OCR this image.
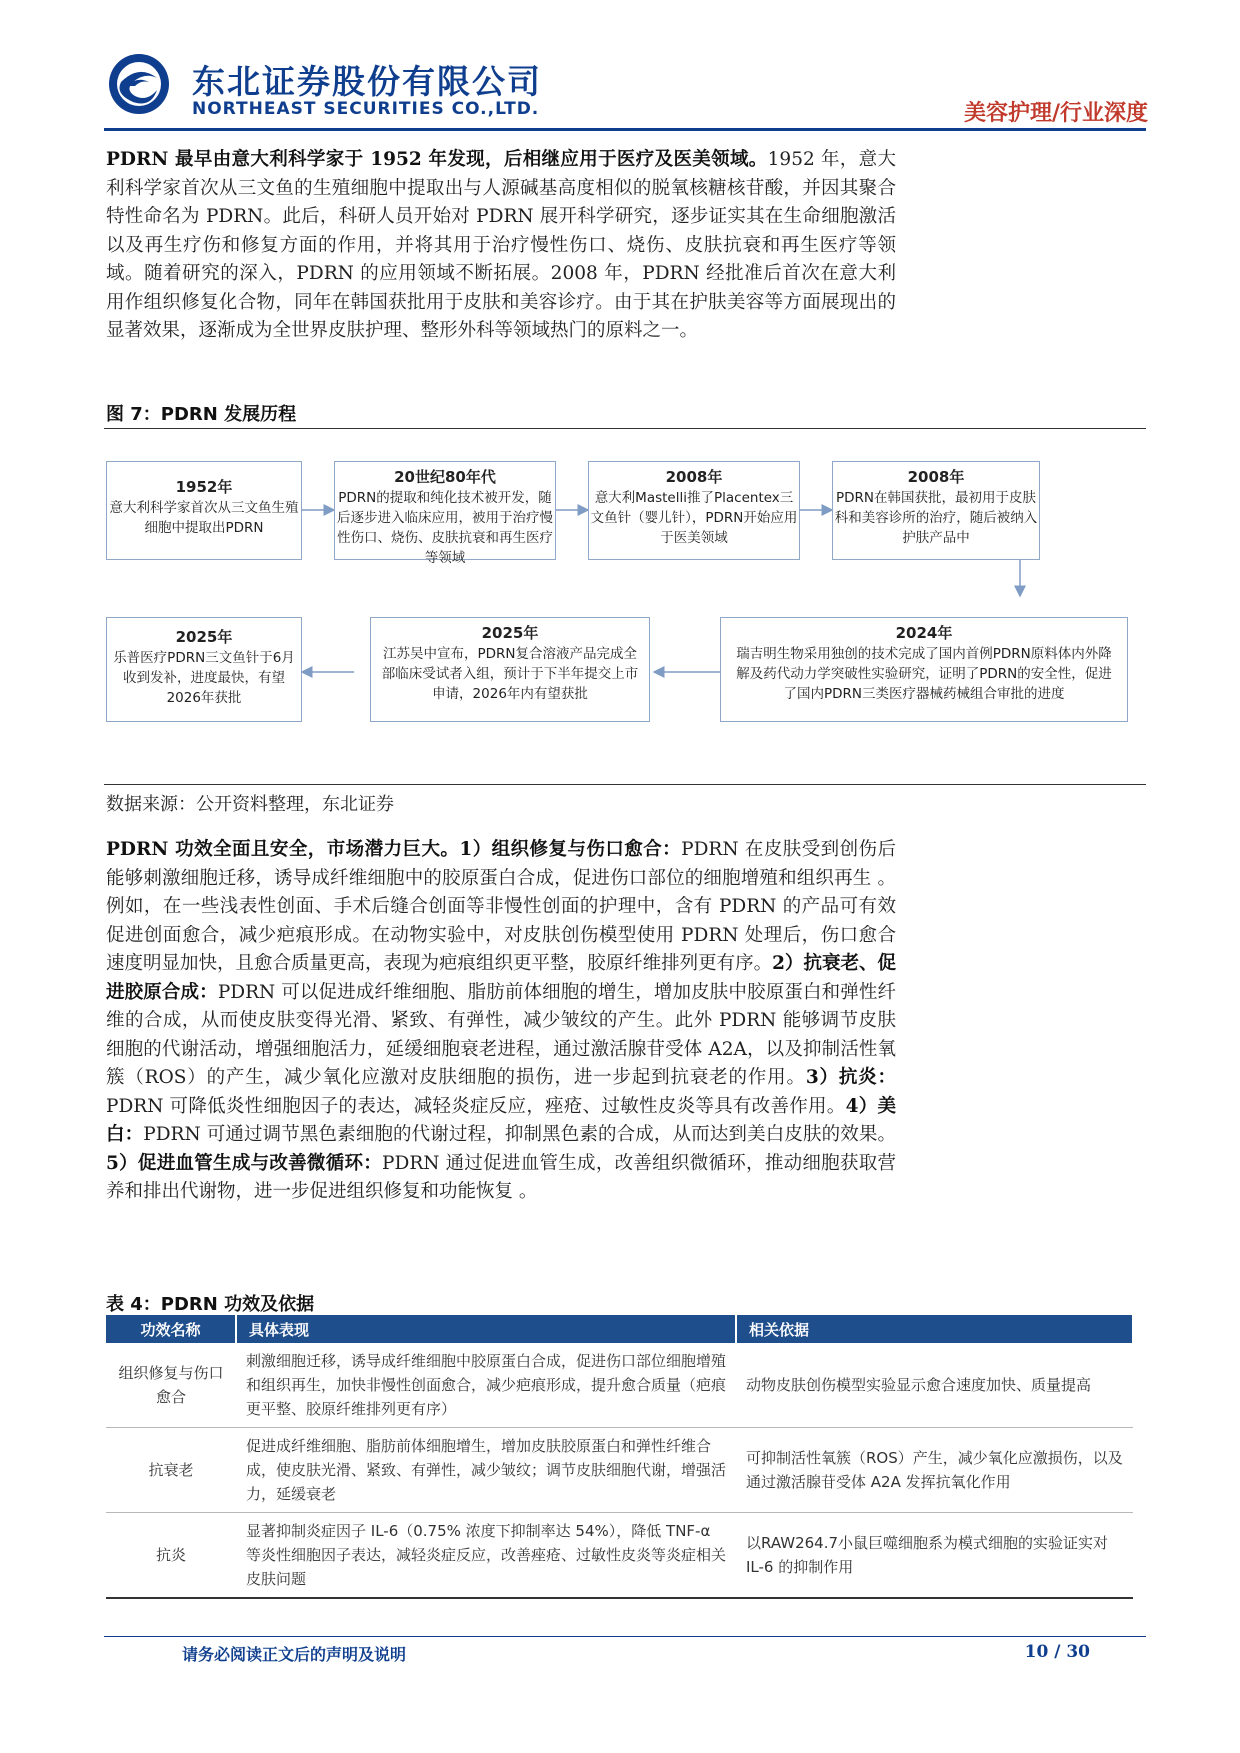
东北证券股份有限公司
NORTHEAST SECURITIES CO.,LTD.	美容护理/行业深度
PDRN 最早由意大利科学家于 1952 年发现，后相继应用于医疗及医美领域。1952 年，意大利科学家首次从三文鱼的生殖细胞中提取出与人源碱基高度相似的脱氧核糖核苷酸，并因其聚合特性命名为 PDRN。此后，科研人员开始对 PDRN 展开科学研究，逐步证实其在生命细胞激活以及再生疗伤和修复方面的作用，并将其用于治疗慢性伤口、烧伤、皮肤抗衰和再生医疗等领域。随着研究的深入，PDRN 的应用领域不断拓展。2008 年，PDRN 经批准后首次在意大利用作组织修复化合物，同年在韩国获批用于皮肤和美容诊疗。由于其在护肤美容等方面展现出的显著效果，逐渐成为全世界皮肤护理、整形外科等领域热门的原料之一。
图 7：PDRN 发展历程
1952年
意大利科学家首次从三文鱼生殖细胞中提取出PDRN
20世纪80年代
PDRN的提取和纯化技术被开发，随后逐步进入临床应用，被用于治疗慢性伤口、烧伤、皮肤抗衰和再生医疗等领域
2008年
意大利Mastelli推了Placentex三文鱼针（婴儿针），PDRN开始应用于医美领域
2008年
PDRN在韩国获批，最初用于皮肤科和美容诊所的治疗，随后被纳入护肤产品中
2025年
乐普医疗PDRN三文鱼针于6月收到发补，进度最快，有望2026年获批
2025年
江苏吴中宣布，PDRN复合溶液产品完成全部临床受试者入组，预计于下半年提交上市申请，2026年内有望获批
2024年
瑞吉明生物采用独创的技术完成了国内首例PDRN原料体内外降解及药代动力学突破性实验研究，证明了PDRN的安全性，促进了国内PDRN三类医疗器械药械组合审批的进度
数据来源：公开资料整理，东北证券
PDRN 功效全面且安全，市场潜力巨大。1）组织修复与伤口愈合：PDRN 在皮肤受到创伤后能够刺激细胞迁移，诱导成纤维细胞中的胶原蛋白合成，促进伤口部位的细胞增殖和组织再生 。例如，在一些浅表性创面、手术后缝合创面等非慢性创面的护理中，含有 PDRN 的产品可有效促进创面愈合，减少疤痕形成。在动物实验中，对皮肤创伤模型使用 PDRN 处理后，伤口愈合速度明显加快，且愈合质量更高，表现为疤痕组织更平整，胶原纤维排列更有序。2）抗衰老、促进胶原合成：PDRN 可以促进成纤维细胞、脂肪前体细胞的增生，增加皮肤中胶原蛋白和弹性纤维的合成，从而使皮肤变得光滑、紧致、有弹性，减少皱纹的产生。此外 PDRN 能够调节皮肤细胞的代谢活动，增强细胞活力，延缓细胞衰老进程，通过激活腺苷受体 A2A，以及抑制活性氧簇（ROS）的产生，减少氧化应激对皮肤细胞的损伤，进一步起到抗衰老的作用。3）抗炎：PDRN 可降低炎性细胞因子的表达，减轻炎症反应，痤疮、过敏性皮炎等具有改善作用。4）美白：PDRN 可通过调节黑色素细胞的代谢过程，抑制黑色素的合成，从而达到美白皮肤的效果。5）促进血管生成与改善微循环：PDRN 通过促进血管生成，改善组织微循环，推动细胞获取营养和排出代谢物，进一步促进组织修复和功能恢复 。
表 4：PDRN 功效及依据
功效名称	具体表现	相关依据
组织修复与伤口愈合	刺激细胞迁移，诱导成纤维细胞中胶原蛋白合成，促进伤口部位细胞增殖和组织再生，加快非慢性创面愈合，减少疤痕形成，提升愈合质量（疤痕更平整、胶原纤维排列更有序）	动物皮肤创伤模型实验显示愈合速度加快、质量提高
抗衰老	促进成纤维细胞、脂肪前体细胞增生，增加皮肤胶原蛋白和弹性纤维合成，使皮肤光滑、紧致、有弹性，减少皱纹；调节皮肤细胞代谢，增强活力，延缓衰老	可抑制活性氧簇（ROS）产生，减少氧化应激损伤，以及通过激活腺苷受体 A2A 发挥抗氧化作用
抗炎	显著抑制炎症因子 IL-6（0.75% 浓度下抑制率达 54%），降低 TNF-α 等炎性细胞因子表达，减轻炎症反应，改善痤疮、过敏性皮炎等炎症相关皮肤问题	以RAW264.7小鼠巨噬细胞系为模式细胞的实验证实对 IL-6 的抑制作用
请务必阅读正文后的声明及说明	10 / 30
